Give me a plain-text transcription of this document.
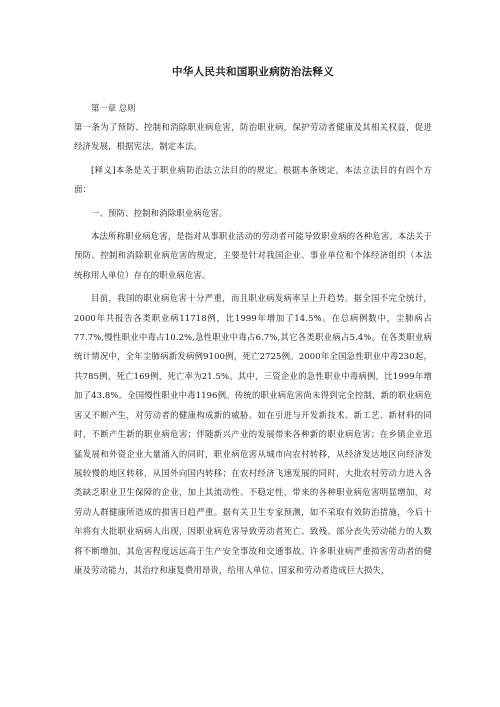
中华人民共和国职业病防治法释义
第一章 总则

第一条为了预防、控制和消除职业病危害，防治职业病，保护劳动者健康及其相关权益，促进经济发展，根据宪法，制定本法。

[释义]本条是关于职业病防治法立法目的的规定。根据本条规定，本法立法目的有四个方面：

一、预防、控制和消除职业病危害。

本法所称职业病危害，是指对从事职业活动的劳动者可能导致职业病的各种危害。本法关于预防、控制和消除职业病危害的规定，主要是针对我国企业、事业单位和个体经济组织（本法统称用人单位）存在的职业病危害。

目前，我国的职业病危害十分严重，而且职业病发病率呈上升趋势。据全国不完全统计，2000年共报告各类职业病11718例，比1999年增加了14.5%。在总病例数中，尘肺病占77.7%,慢性职业中毒占10.2%,急性职业中毒占6.7%,其它各类职业病占5.4%。在各类职业病统计情况中，全年尘肺病新发病例9100例，死亡2725例。2000年全国急性职业中毒230起，共785例，死亡169例，死亡率为21.5%。其中，三资企业的急性职业中毒病例，比1999年增加了43.8%。全国慢性职业中毒1196例。传统的职业病危害尚未得到完全控制，新的职业病危害又不断产生，对劳动者的健康构成新的威胁。如在引进与开发新技术、新工艺、新材料的同时，不断产生新的职业病危害；伴随新兴产业的发展带来各种新的职业病危害；在乡镇企业迅猛发展和外资企业大量涌入的同时，职业病危害从城市向农村转移，从经济发达地区向经济发展较慢的地区转移，从国外向国内转移；在农村经济飞速发展的同时，大批农村劳动力进入各类缺乏职业卫生保障的企业，加上其流动性、不稳定性，带来的各种职业病危害明显增加，对劳动人群健康所造成的损害日趋严重。据有关卫生专家预测，如不采取有效防治措施，今后十年将有大批职业病病人出现，因职业病危害导致劳动者死亡、致残、部分丧失劳动能力的人数将不断增加，其危害程度远远高于生产安全事故和交通事故。许多职业病严重损害劳动者的健康及劳动能力，其治疗和康复费用昂贵，给用人单位、国家和劳动者造成巨大损失，
